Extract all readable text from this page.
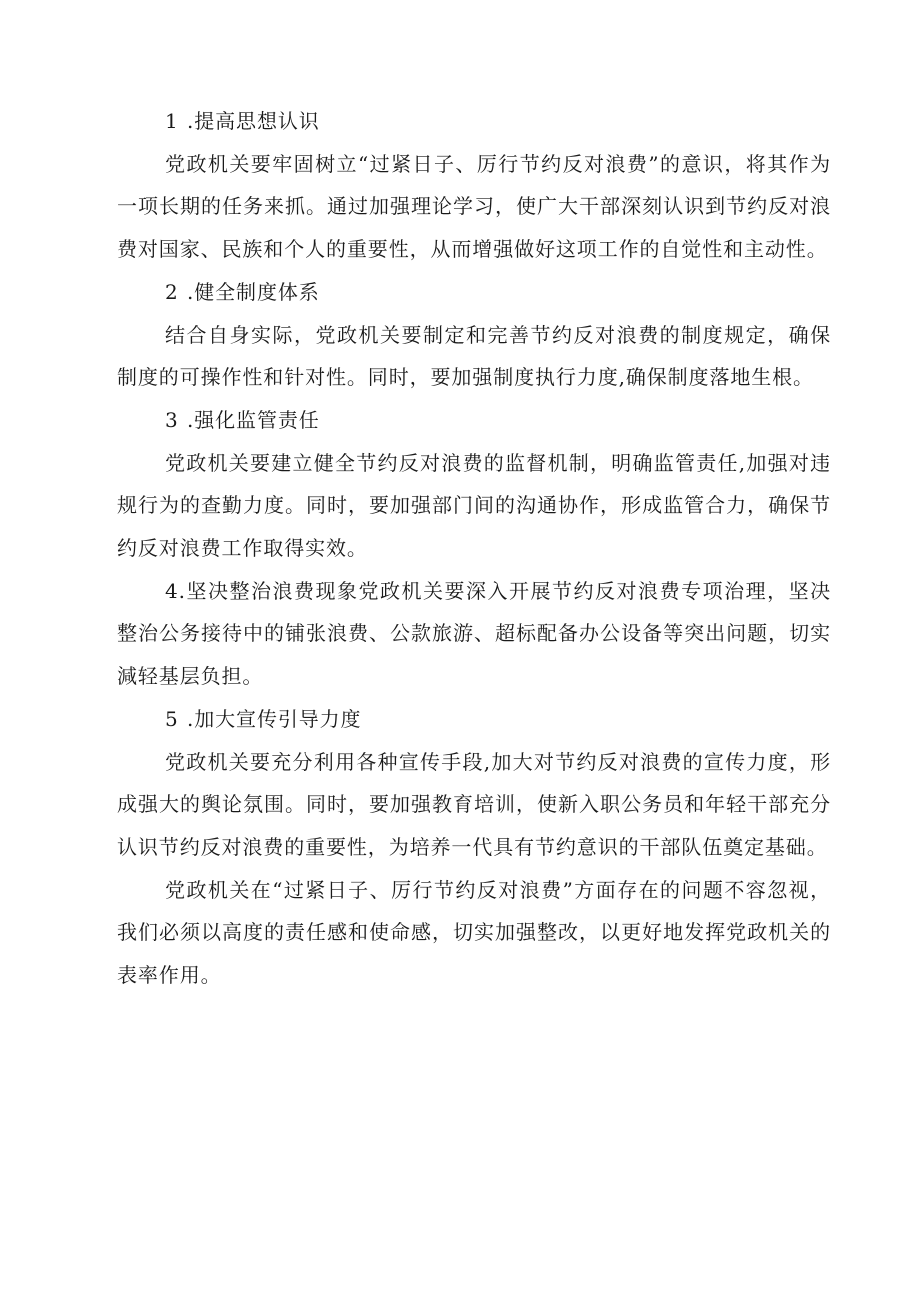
1 .提高思想认识

党政机关要牢固树立“过紧日子、厉行节约反对浪费”的意识，将其作为一项长期的任务来抓。通过加强理论学习，使广大干部深刻认识到节约反对浪费对国家、民族和个人的重要性，从而增强做好这项工作的自觉性和主动性。

2 .健全制度体系

结合自身实际，党政机关要制定和完善节约反对浪费的制度规定，确保制度的可操作性和针对性。同时，要加强制度执行力度,确保制度落地生根。

3 .强化监管责任

党政机关要建立健全节约反对浪费的监督机制，明确监管责任,加强对违规行为的查勤力度。同时，要加强部门间的沟通协作，形成监管合力，确保节约反对浪费工作取得实效。

4.坚决整治浪费现象党政机关要深入开展节约反对浪费专项治理，坚决整治公务接待中的铺张浪费、公款旅游、超标配备办公设备等突出问题，切实減轻基层负担。

5 .加大宣传引导力度

党政机关要充分利用各种宣传手段,加大对节约反对浪费的宣传力度，形成强大的舆论氛围。同时，要加强教育培训，使新入职公务员和年轻干部充分认识节约反对浪费的重要性，为培养一代具有节约意识的干部队伍奠定基础。

党政机关在“过紧日子、厉行节约反对浪费”方面存在的问题不容忽视，我们必须以高度的责任感和使命感，切实加强整改，以更好地发挥党政机关的表率作用。
